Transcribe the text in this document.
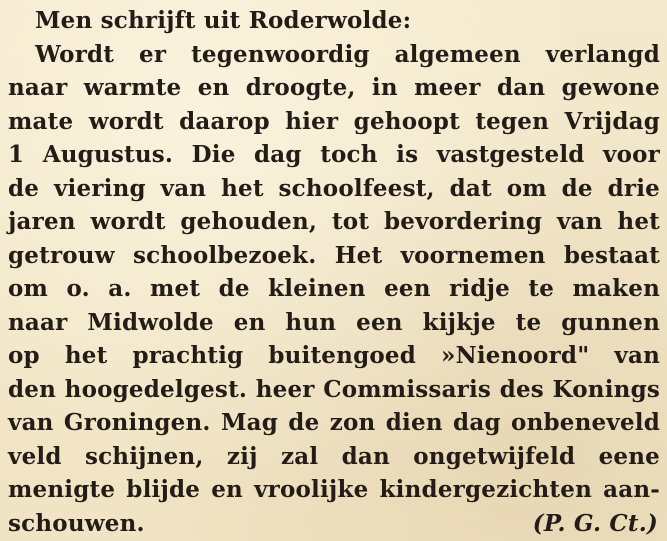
Men schrijft uit Roderwolde:
Wordt er tegenwoordig algemeen verlangd
naar warmte en droogte, in meer dan gewone
mate wordt daarop hier gehoopt tegen Vrijdag
1 Augustus. Die dag toch is vastgesteld voor
de viering van het schoolfeest, dat om de drie
jaren wordt gehouden, tot bevordering van het
getrouw schoolbezoek. Het voornemen bestaat
om o. a. met de kleinen een ridje te maken
naar Midwolde en hun een kijkje te gunnen
op het prachtig buitengoed »Nienoord" van
den hoogedelgest. heer Commissaris des Konings
van Groningen. Mag de zon dien dag onbeneveld
veld schijnen, zij zal dan ongetwijfeld eene
menigte blijde en vroolijke kindergezichten aan-
schouwen.	(P. G. Ct.)
